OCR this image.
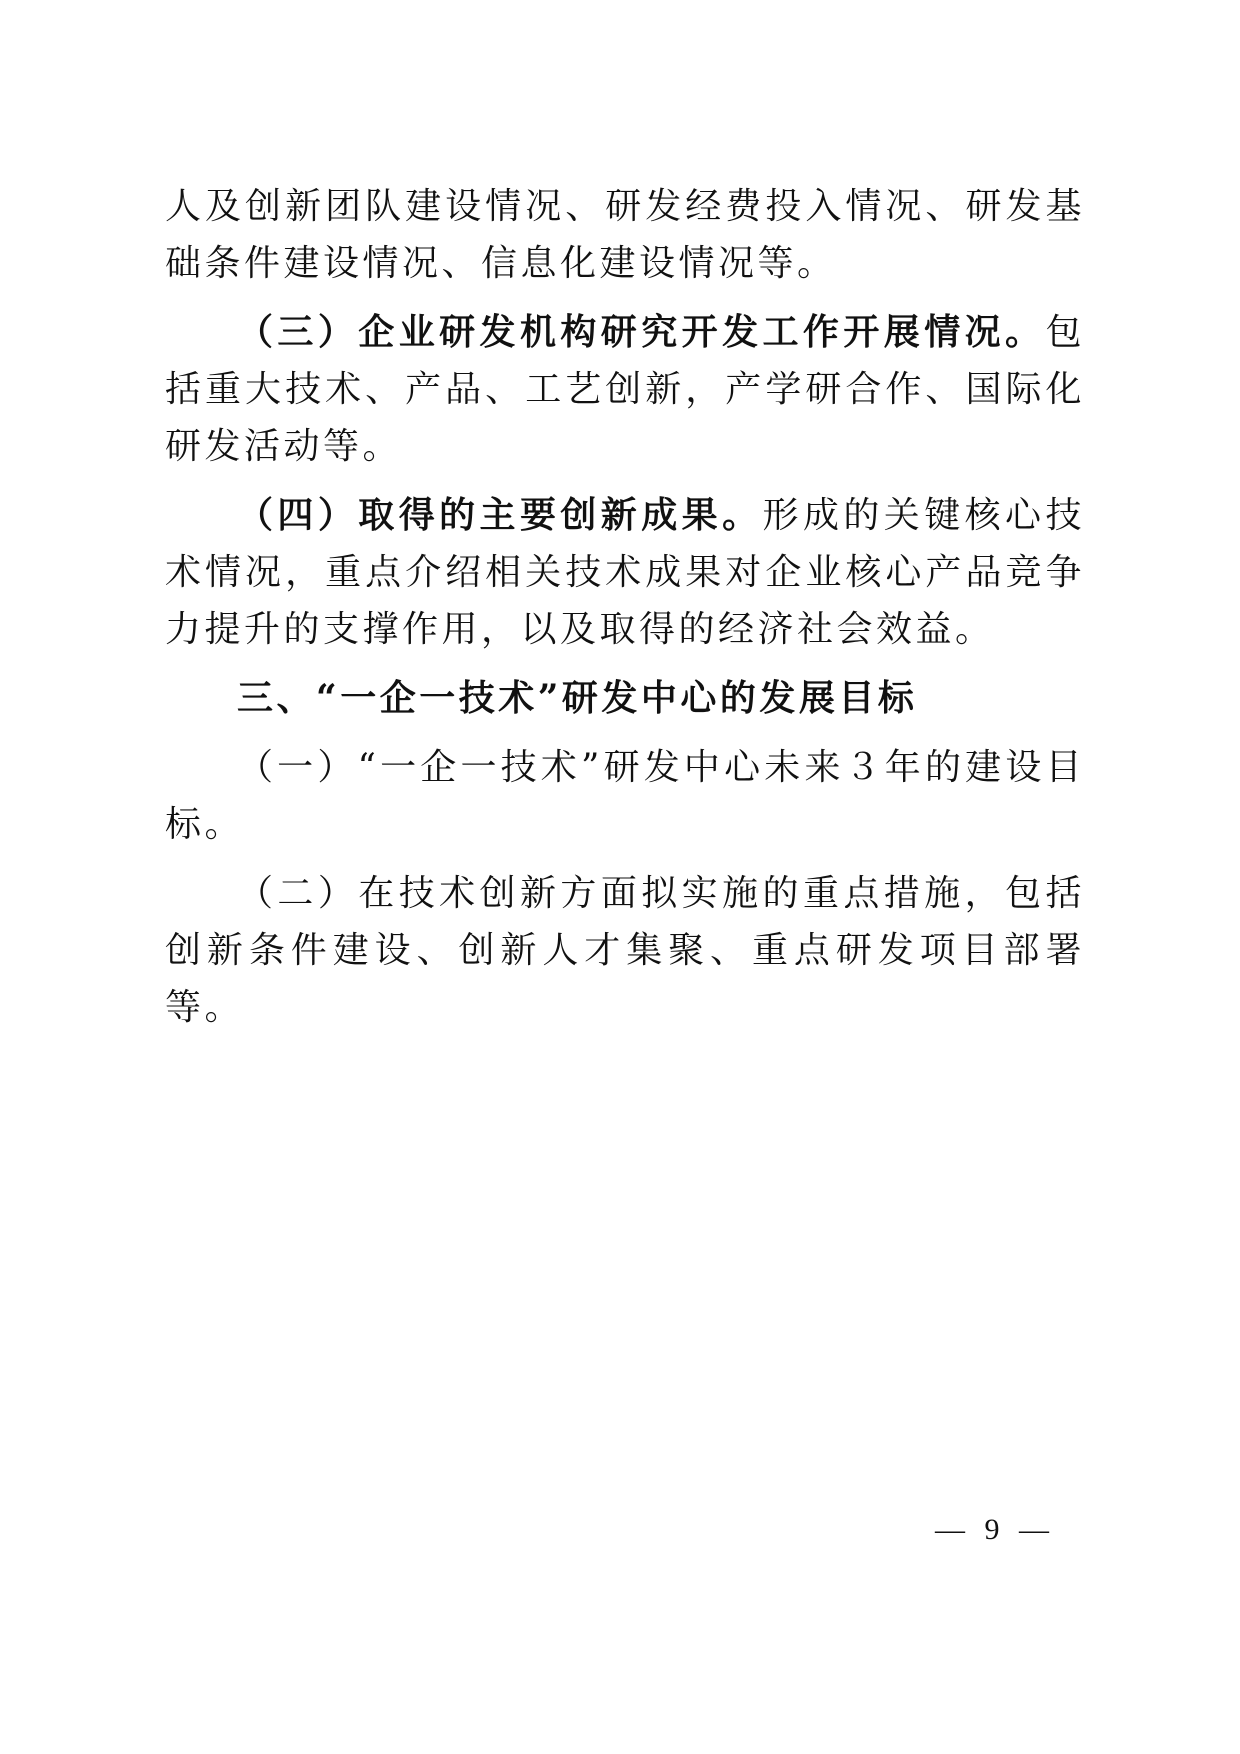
人及创新团队建设情况、研发经费投入情况、研发基础条件建设情况、信息化建设情况等。

（三）企业研发机构研究开发工作开展情况。包括重大技术、产品、工艺创新，产学研合作、国际化研发活动等。

（四）取得的主要创新成果。形成的关键核心技术情况，重点介绍相关技术成果对企业核心产品竞争力提升的支撑作用，以及取得的经济社会效益。

三、“一企一技术”研发中心的发展目标

（一）“一企一技术”研发中心未来３年的建设目标。

（二）在技术创新方面拟实施的重点措施，包括创新条件建设、创新人才集聚、重点研发项目部署等。

— 9 —
